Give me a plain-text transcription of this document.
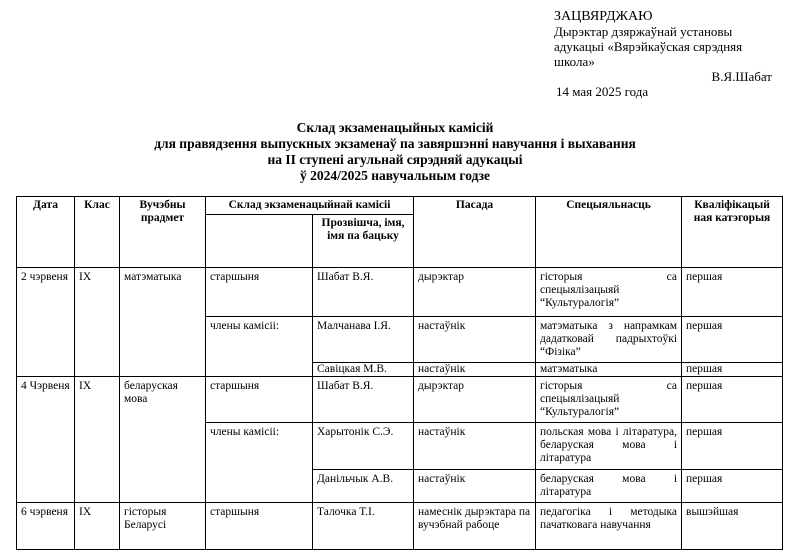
ЗАЦВЯРДЖАЮ
Дырэктар дзяржаўнай установы адукацыі «Вярэйкаўская сярэдняя школа»
В.Я.Шабат
14 мая 2025 года
Склад экзаменацыйных камісій
для правядзення выпускных экзаменаў па завяршэнні навучання і выхавання
на ІІ ступені агульнай сярэдняй адукацыі
ў 2024/2025 навучальным годзе
Дата	Клас	Вучэбны прадмет	Склад экзаменацыйнай камісіі		Пасада	Спецыяльнасць	Кваліфікацый ная катэгорыя
				Прозвішча, імя, імя па бацьку			
2 чэрвеня	IX	матэматыка	старшыня	Шабат В.Я.	дырэктар	гісторыя са спецыялізацыяй “Культуралогія”	першая
			члены камісіі:	Малчанава І.Я.	настаўнік	матэматыка з напрамкам дадатковай падрыхтоўкі “Фізіка”	першая
				Савіцкая М.В.	настаўнік	матэматыка	першая
4 Чэрвеня	IX	беларуская мова	старшыня	Шабат В.Я.	дырэктар	гісторыя са спецыялізацыяй “Культуралогія”	першая
			члены камісіі:	Харытонік С.Э.	настаўнік	польская мова і літаратура, беларуская мова і літаратура	першая
				Данільчык А.В.	настаўнік	беларуская мова і літаратура	першая
6 чэрвеня	IX	гісторыя Беларусі	старшыня	Талочка Т.І.	намеснік дырэктара па вучэбнай рабоце	педагогіка і методыка пачатковага навучання	вышэйшая
